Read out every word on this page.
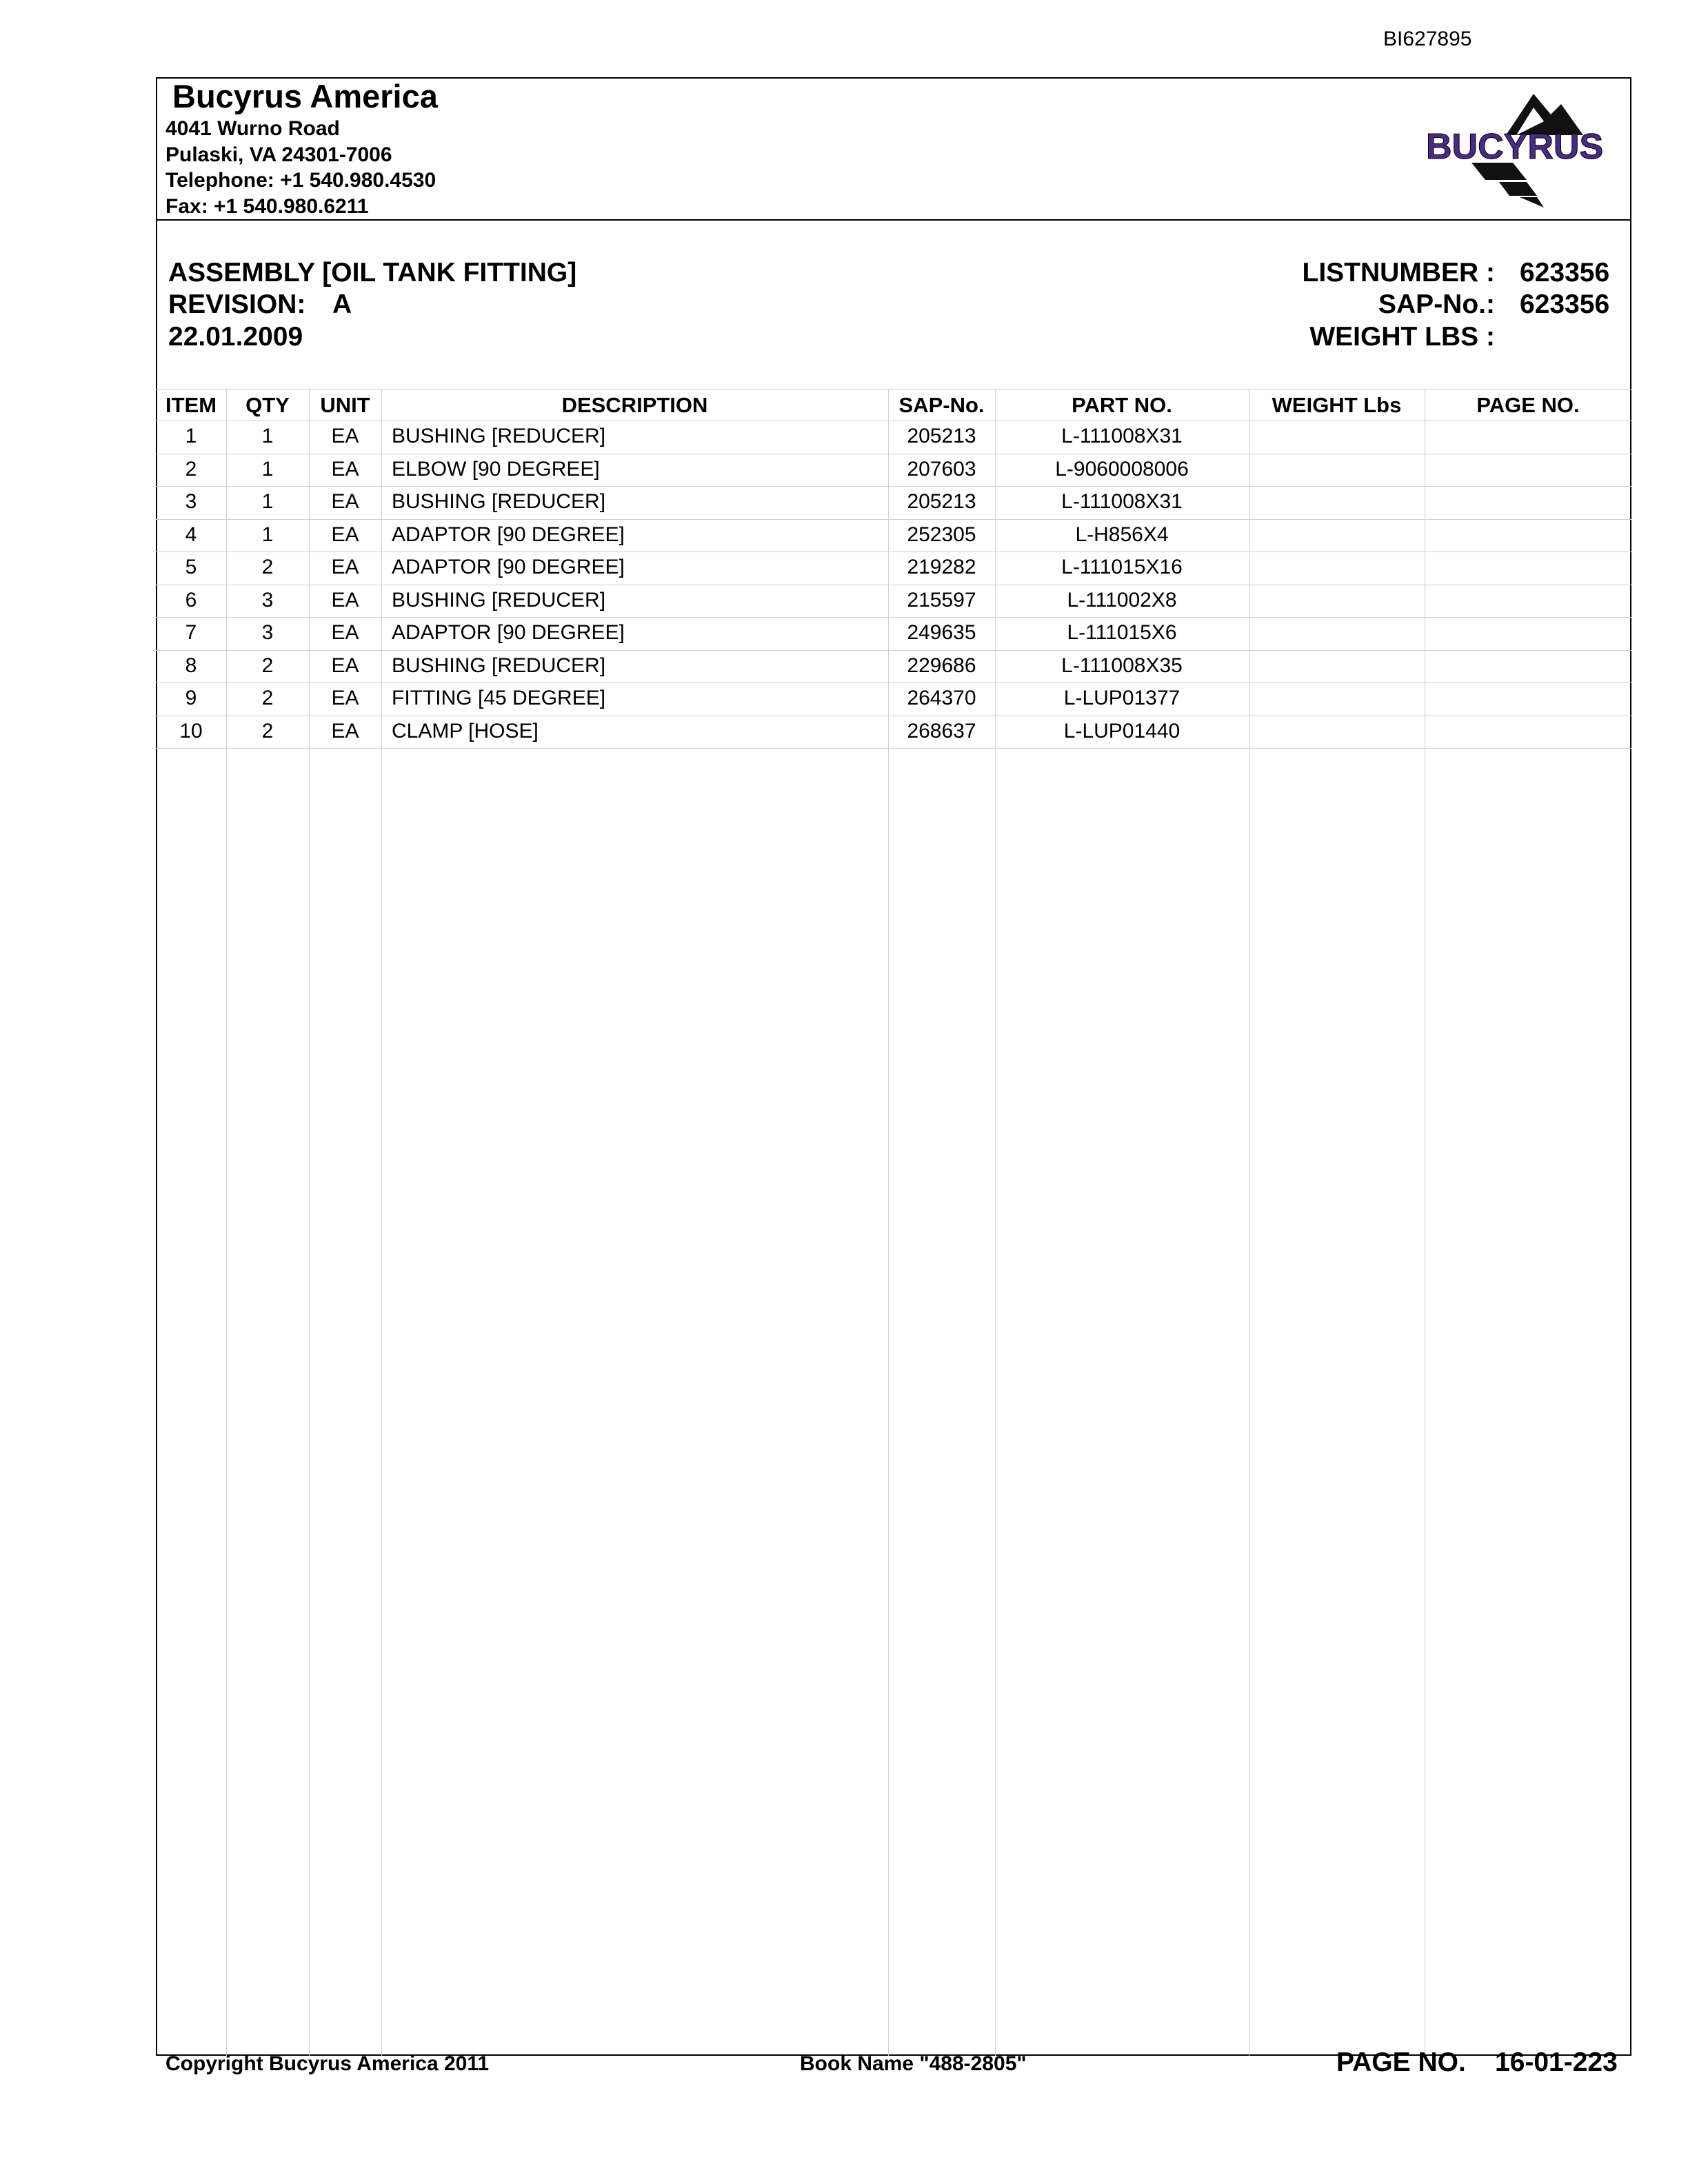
BI627895
Bucyrus America
4041 Wurno Road
Pulaski, VA 24301-7006
Telephone: +1 540.980.4530
Fax: +1 540.980.6211
BUCYRUS
ASSEMBLY [OIL TANK FITTING]
REVISION: A
22.01.2009
LISTNUMBER : 623356
SAP-No.: 623356
WEIGHT LBS :
ITEM	QTY	UNIT	DESCRIPTION	SAP-No.	PART NO.	WEIGHT Lbs	PAGE NO.
1	1	EA	BUSHING [REDUCER]	205213	L-111008X31
2	1	EA	ELBOW [90 DEGREE]	207603	L-9060008006
3	1	EA	BUSHING [REDUCER]	205213	L-111008X31
4	1	EA	ADAPTOR [90 DEGREE]	252305	L-H856X4
5	2	EA	ADAPTOR [90 DEGREE]	219282	L-111015X16
6	3	EA	BUSHING [REDUCER]	215597	L-111002X8
7	3	EA	ADAPTOR [90 DEGREE]	249635	L-111015X6
8	2	EA	BUSHING [REDUCER]	229686	L-111008X35
9	2	EA	FITTING [45 DEGREE]	264370	L-LUP01377
10	2	EA	CLAMP [HOSE]	268637	L-LUP01440
Copyright Bucyrus America 2011	Book Name "488-2805"	PAGE NO. 16-01-223
